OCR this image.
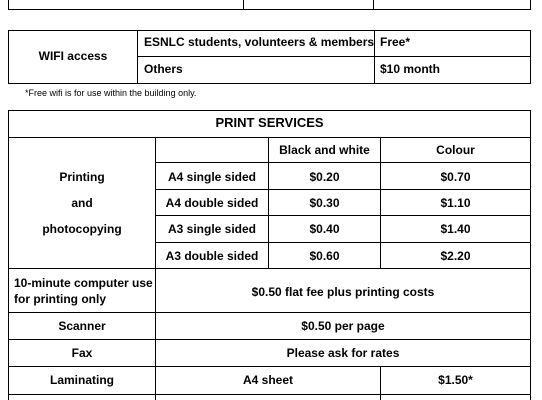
WIFI access
ESNLC students, volunteers & members Free*
Others	$10 month
*Free wifi is for use within the building only.
PRINT SERVICES
Black and white	Colour
Printing
and
photocopying
A4 single sided	$0.20	$0.70
A4 double sided	$0.30	$1.10
A3 single sided	$0.40	$1.40
A3 double sided	$0.60	$2.20
10-minute computer use
for printing only	$0.50 flat fee plus printing costs
Scanner	$0.50 per page
Fax	Please ask for rates
Laminating	A4 sheet	$1.50*
